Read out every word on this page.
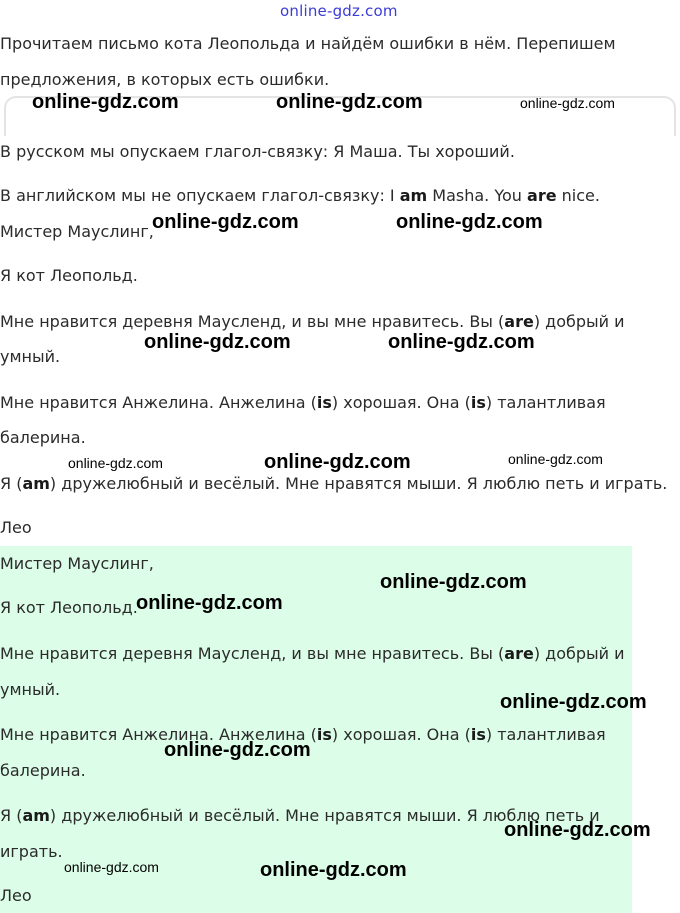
online-gdz.com
Прочитаем письмо кота Леопольда и найдём ошибки в нём. Перепишем
предложения, в которых есть ошибки.
В русском мы опускаем глагол-связку: Я Маша. Ты хороший.
В английском мы не опускаем глагол-связку: I am Masha. You are nice.
Мистер Мауслинг,
Я кот Леопольд.
Мне нравится деревня Маусленд, и вы мне нравитесь. Вы (are) добрый и
умный.
Мне нравится Анжелина. Анжелина (is) хорошая. Она (is) талантливая
балерина.
Я (am) дружелюбный и весёлый. Мне нравятся мыши. Я люблю петь и играть.
Лео
Мистер Мауслинг,
Я кот Леопольд.
Мне нравится деревня Маусленд, и вы мне нравитесь. Вы (are) добрый и
умный.
Мне нравится Анжелина. Анжелина (is) хорошая. Она (is) талантливая
балерина.
Я (am) дружелюбный и весёлый. Мне нравятся мыши. Я люблю петь и
играть.
Лео
online-gdz.com	online-gdz.com	online-gdz.com
online-gdz.com	online-gdz.com
online-gdz.com	online-gdz.com
online-gdz.com	online-gdz.com	online-gdz.com
online-gdz.com
online-gdz.com
online-gdz.com
online-gdz.com
online-gdz.com
online-gdz.com	online-gdz.com
